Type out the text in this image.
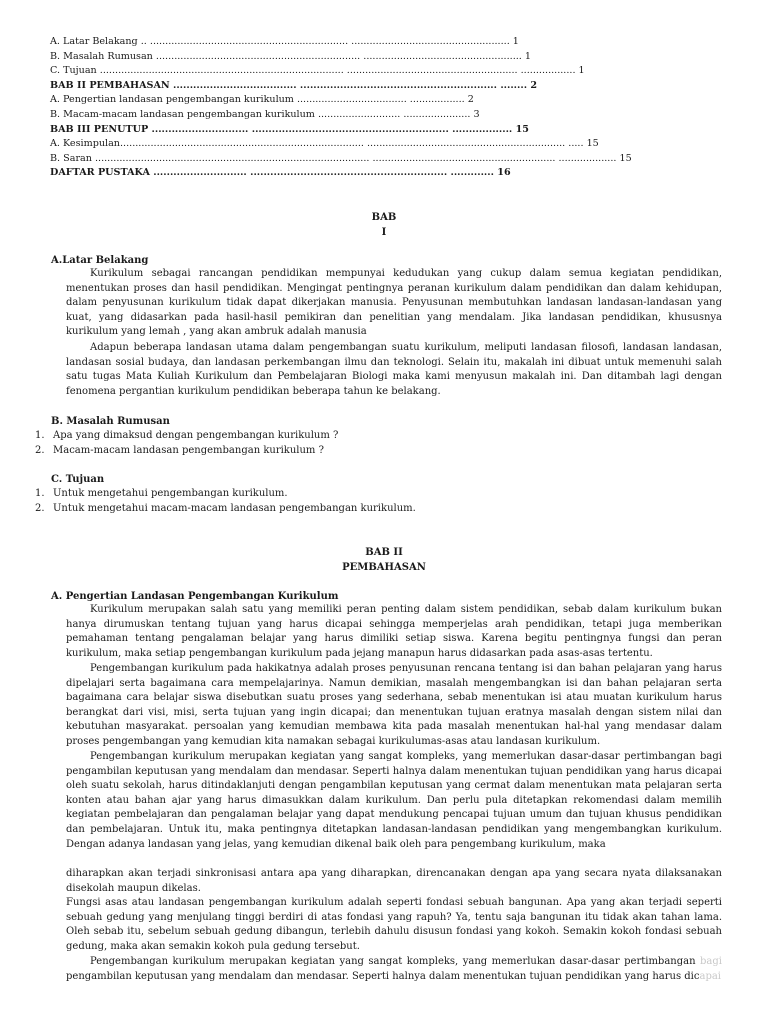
A. Latar Belakang .. ................................................................. .................................................... 1
B. Masalah Rumusan ................................................................... .................................................... 1
C. Tujuan ................................................................................ ........................................................ .................. 1
BAB II PEMBAHASAN ..................................... ........................................................... ........ 2
A. Pengertian landasan pengembangan kurikulum .................................... .................. 2
B. Macam-macam landasan pengembangan kurikulum ........................... ...................... 3
BAB III PENUTUP ............................. ........................................................... .................. 15
A. Kesimpulan................................................................................ ................................................................. ..... 15
B. Saran .......................................................................................... ............................................................ ................... 15
DAFTAR PUSTAKA ............................ ........................................................... ............. 16
BAB
I
A.Latar Belakang
Kurikulum sebagai rancangan pendidikan mempunyai kedudukan yang cukup dalam semua kegiatan pendidikan, menentukan proses dan hasil pendidikan. Mengingat pentingnya peranan kurikulum dalam pendidikan dan dalam kehidupan, dalam penyusunan kurikulum tidak dapat dikerjakan manusia. Penyusunan membutuhkan landasan landasan-landasan yang kuat, yang didasarkan pada hasil-hasil pemikiran dan penelitian yang mendalam. Jika landasan pendidikan, khususnya kurikulum yang lemah , yang akan ambruk adalah manusia
Adapun beberapa landasan utama dalam pengembangan suatu kurikulum, meliputi landasan filosofi, landasan landasan, landasan sosial budaya, dan landasan perkembangan ilmu dan teknologi. Selain itu, makalah ini dibuat untuk memenuhi salah satu tugas Mata Kuliah Kurikulum dan Pembelajaran Biologi maka kami menyusun makalah ini. Dan ditambah lagi dengan fenomena pergantian kurikulum pendidikan beberapa tahun ke belakang.
B. Masalah Rumusan
1. Apa yang dimaksud dengan pengembangan kurikulum ?
2. Macam-macam landasan pengembangan kurikulum ?
C. Tujuan
1. Untuk mengetahui pengembangan kurikulum.
2. Untuk mengetahui macam-macam landasan pengembangan kurikulum.
BAB II
PEMBAHASAN
A. Pengertian Landasan Pengembangan Kurikulum
Kurikulum merupakan salah satu yang memiliki peran penting dalam sistem pendidikan, sebab dalam kurikulum bukan hanya dirumuskan tentang tujuan yang harus dicapai sehingga memperjelas arah pendidikan, tetapi juga memberikan pemahaman tentang pengalaman belajar yang harus dimiliki setiap siswa. Karena begitu pentingnya fungsi dan peran kurikulum, maka setiap pengembangan kurikulum pada jejang manapun harus didasarkan pada asas-asas tertentu.
Pengembangan kurikulum pada hakikatnya adalah proses penyusunan rencana tentang isi dan bahan pelajaran yang harus dipelajari serta bagaimana cara mempelajarinya. Namun demikian, masalah mengembangkan isi dan bahan pelajaran serta bagaimana cara belajar siswa disebutkan suatu proses yang sederhana, sebab menentukan isi atau muatan kurikulum harus berangkat dari visi, misi, serta tujuan yang ingin dicapai; dan menentukan tujuan eratnya masalah dengan sistem nilai dan kebutuhan masyarakat. persoalan yang kemudian membawa kita pada masalah menentukan hal-hal yang mendasar dalam proses pengembangan yang kemudian kita namakan sebagai kurikulumas-asas atau landasan kurikulum.
Pengembangan kurikulum merupakan kegiatan yang sangat kompleks, yang memerlukan dasar-dasar pertimbangan bagi pengambilan keputusan yang mendalam dan mendasar. Seperti halnya dalam menentukan tujuan pendidikan yang harus dicapai oleh suatu sekolah, harus ditindaklanjuti dengan pengambilan keputusan yang cermat dalam menentukan mata pelajaran serta konten atau bahan ajar yang harus dimasukkan dalam kurikulum. Dan perlu pula ditetapkan rekomendasi dalam memilih kegiatan pembelajaran dan pengalaman belajar yang dapat mendukung pencapai tujuan umum dan tujuan khusus pendidikan dan pembelajaran. Untuk itu, maka pentingnya ditetapkan landasan-landasan pendidikan yang mengembangkan kurikulum. Dengan adanya landasan yang jelas, yang kemudian dikenal baik oleh para pengembang kurikulum, maka
diharapkan akan terjadi sinkronisasi antara apa yang diharapkan, direncanakan dengan apa yang secara nyata dilaksanakan disekolah maupun dikelas.
Fungsi asas atau landasan pengembangan kurikulum adalah seperti fondasi sebuah bangunan. Apa yang akan terjadi seperti sebuah gedung yang menjulang tinggi berdiri di atas fondasi yang rapuh? Ya, tentu saja bangunan itu tidak akan tahan lama. Oleh sebab itu, sebelum sebuah gedung dibangun, terlebih dahulu disusun fondasi yang kokoh. Semakin kokoh fondasi sebuah gedung, maka akan semakin kokoh pula gedung tersebut.
Pengembangan kurikulum merupakan kegiatan yang sangat kompleks, yang memerlukan dasar-dasar pertimbangan bagi pengambilan keputusan yang mendalam dan mendasar. Seperti halnya dalam menentukan tujuan pendidikan yang harus dicapai
